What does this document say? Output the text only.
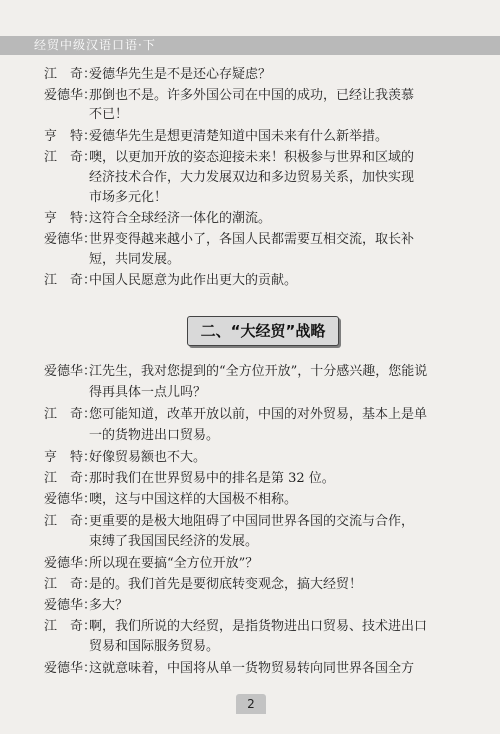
经贸中级汉语口语·下
江　奇：爱德华先生是不是还心存疑虑？
爱德华：那倒也不是。许多外国公司在中国的成功，已经让我羡慕
不已！
亨　特：爱德华先生是想更清楚知道中国未来有什么新举措。
江　奇：噢，以更加开放的姿态迎接未来！积极参与世界和区域的
经济技术合作，大力发展双边和多边贸易关系，加快实现
市场多元化！
亨　特：这符合全球经济一体化的潮流。
爱德华：世界变得越来越小了，各国人民都需要互相交流，取长补
短，共同发展。
江　奇：中国人民愿意为此作出更大的贡献。
二、“大经贸”战略
爱德华：江先生，我对您提到的“全方位开放”，十分感兴趣，您能说
得再具体一点儿吗？
江　奇：您可能知道，改革开放以前，中国的对外贸易，基本上是单
一的货物进出口贸易。
亨　特：好像贸易额也不大。
江　奇：那时我们在世界贸易中的排名是第 32 位。
爱德华：噢，这与中国这样的大国极不相称。
江　奇：更重要的是极大地阻碍了中国同世界各国的交流与合作，
束缚了我国国民经济的发展。
爱德华：所以现在要搞“全方位开放”？
江　奇：是的。我们首先是要彻底转变观念，搞大经贸！
爱德华：多大？
江　奇：啊，我们所说的大经贸，是指货物进出口贸易、技术进出口
贸易和国际服务贸易。
爱德华：这就意味着，中国将从单一货物贸易转向同世界各国全方
2
